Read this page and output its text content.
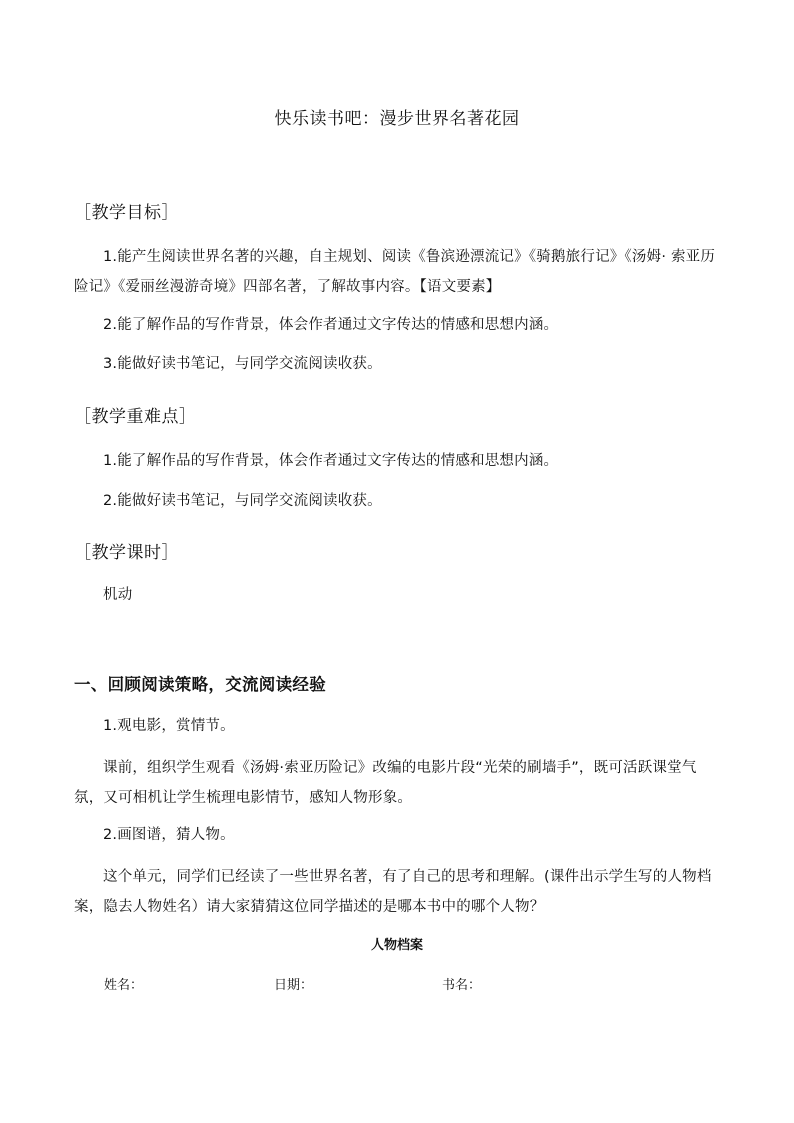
快乐读书吧：漫步世界名著花园
［教学目标］
1.能产生阅读世界名著的兴趣，自主规划、阅读《鲁滨逊漂流记》《骑鹅旅行记》《汤姆· 索亚历险记》《爱丽丝漫游奇境》四部名著，了解故事内容。【语文要素】
2.能了解作品的写作背景，体会作者通过文字传达的情感和思想内涵。
3.能做好读书笔记，与同学交流阅读收获。
［教学重难点］
1.能了解作品的写作背景，体会作者通过文字传达的情感和思想内涵。
2.能做好读书笔记，与同学交流阅读收获。
［教学课时］
机动
一、回顾阅读策略，交流阅读经验
1.观电影，赏情节。
课前，组织学生观看《汤姆·索亚历险记》改编的电影片段“光荣的刷墙手”，既可活跃课堂气氛，又可相机让学生梳理电影情节，感知人物形象。
2.画图谱，猜人物。
这个单元，同学们已经读了一些世界名著，有了自己的思考和理解。(课件出示学生写的人物档案，隐去人物姓名）请大家猜猜这位同学描述的是哪本书中的哪个人物？
人物档案
姓名：	日期：	书名：
